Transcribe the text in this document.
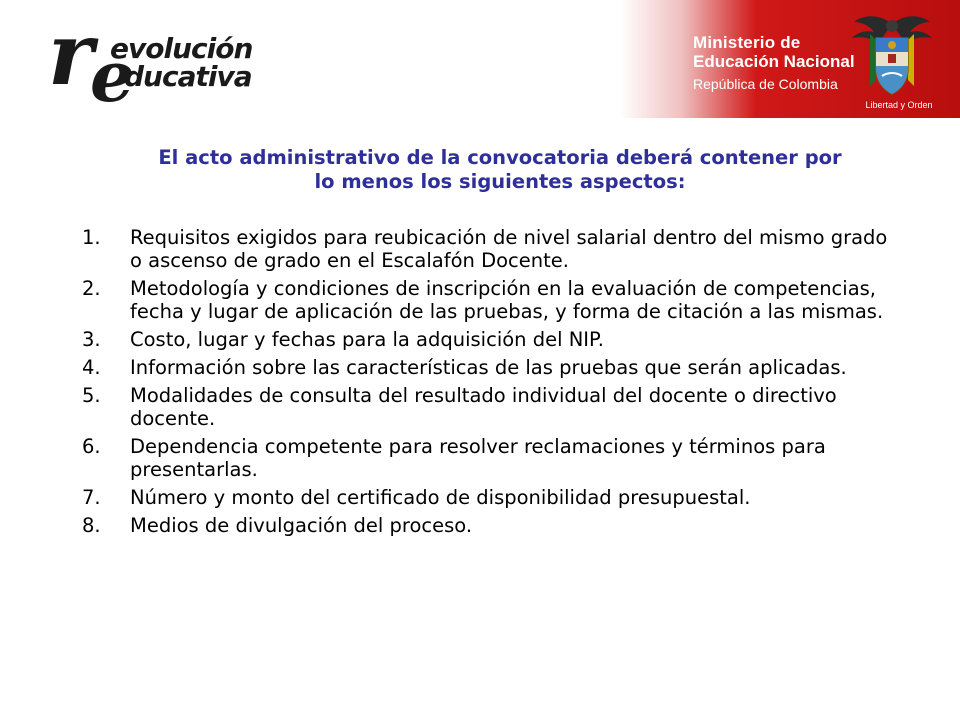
r
e
evolución
ducativa
Ministerio de
Educación Nacional
República de Colombia
Libertad y Orden
El acto administrativo de la convocatoria deberá contener por lo menos los siguientes aspectos:
1. Requisitos exigidos para reubicación de nivel salarial dentro del mismo grado o ascenso de grado en el Escalafón Docente.
2. Metodología y condiciones de inscripción en la evaluación de competencias, fecha y lugar de aplicación de las pruebas, y forma de citación a las mismas.
3. Costo, lugar y fechas para la adquisición del NIP.
4. Información sobre las características de las pruebas que serán aplicadas.
5. Modalidades de consulta del resultado individual del docente o directivo docente.
6. Dependencia competente para resolver reclamaciones y términos para presentarlas.
7. Número y monto del certificado de disponibilidad presupuestal.
8. Medios de divulgación del proceso.
